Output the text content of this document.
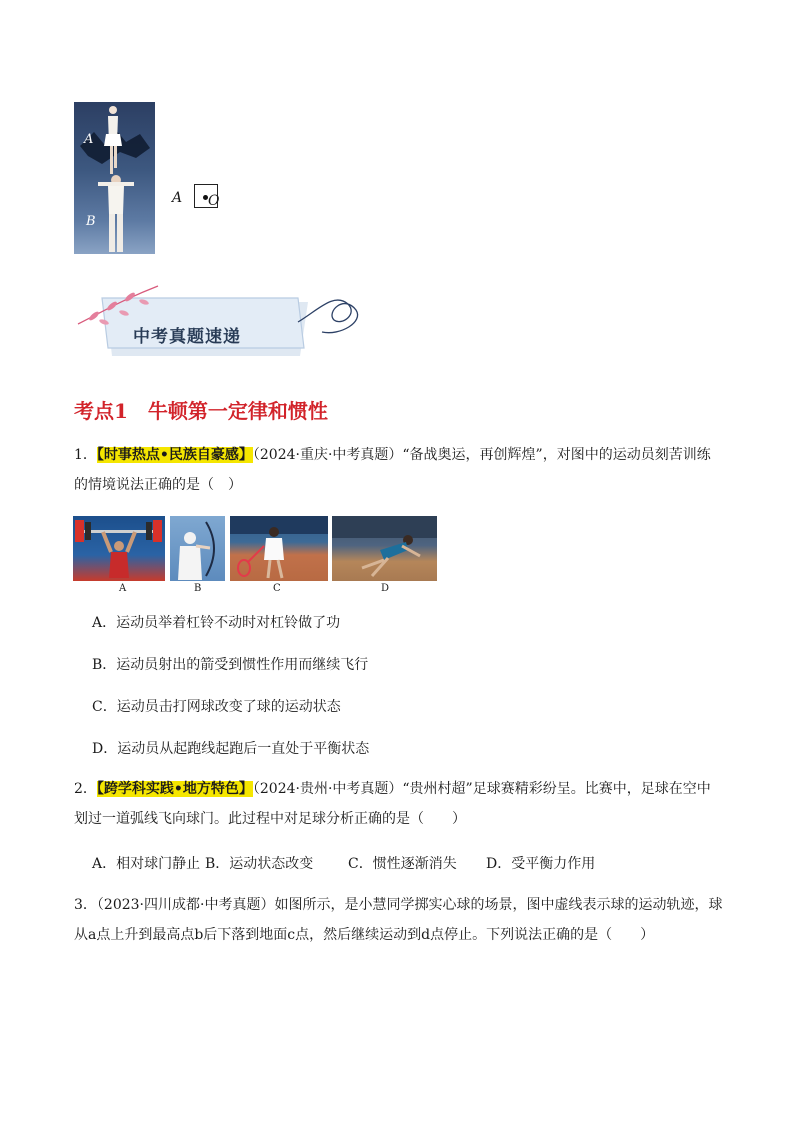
A
B
A O
中考真题速递
考点1　牛顿第一定律和惯性
1．【时事热点•民族自豪感】（2024·重庆·中考真题）“备战奥运，再创辉煌”，对图中的运动员刻苦训练
的情境说法正确的是（　）
A	B	C	D
A．运动员举着杠铃不动时对杠铃做了功
B．运动员射出的箭受到惯性作用而继续飞行
C．运动员击打网球改变了球的运动状态
D．运动员从起跑线起跑后一直处于平衡状态
2．【跨学科实践•地方特色】（2024·贵州·中考真题）“贵州村超”足球赛精彩纷呈。比赛中，足球在空中
划过一道弧线飞向球门。此过程中对足球分析正确的是（　　）
A．相对球门静止 B．运动状态改变 C．惯性逐渐消失 D．受平衡力作用
3．（2023·四川成都·中考真题）如图所示，是小慧同学掷实心球的场景，图中虚线表示球的运动轨迹，球
从a点上升到最高点b后下落到地面c点，然后继续运动到d点停止。下列说法正确的是（　　）
